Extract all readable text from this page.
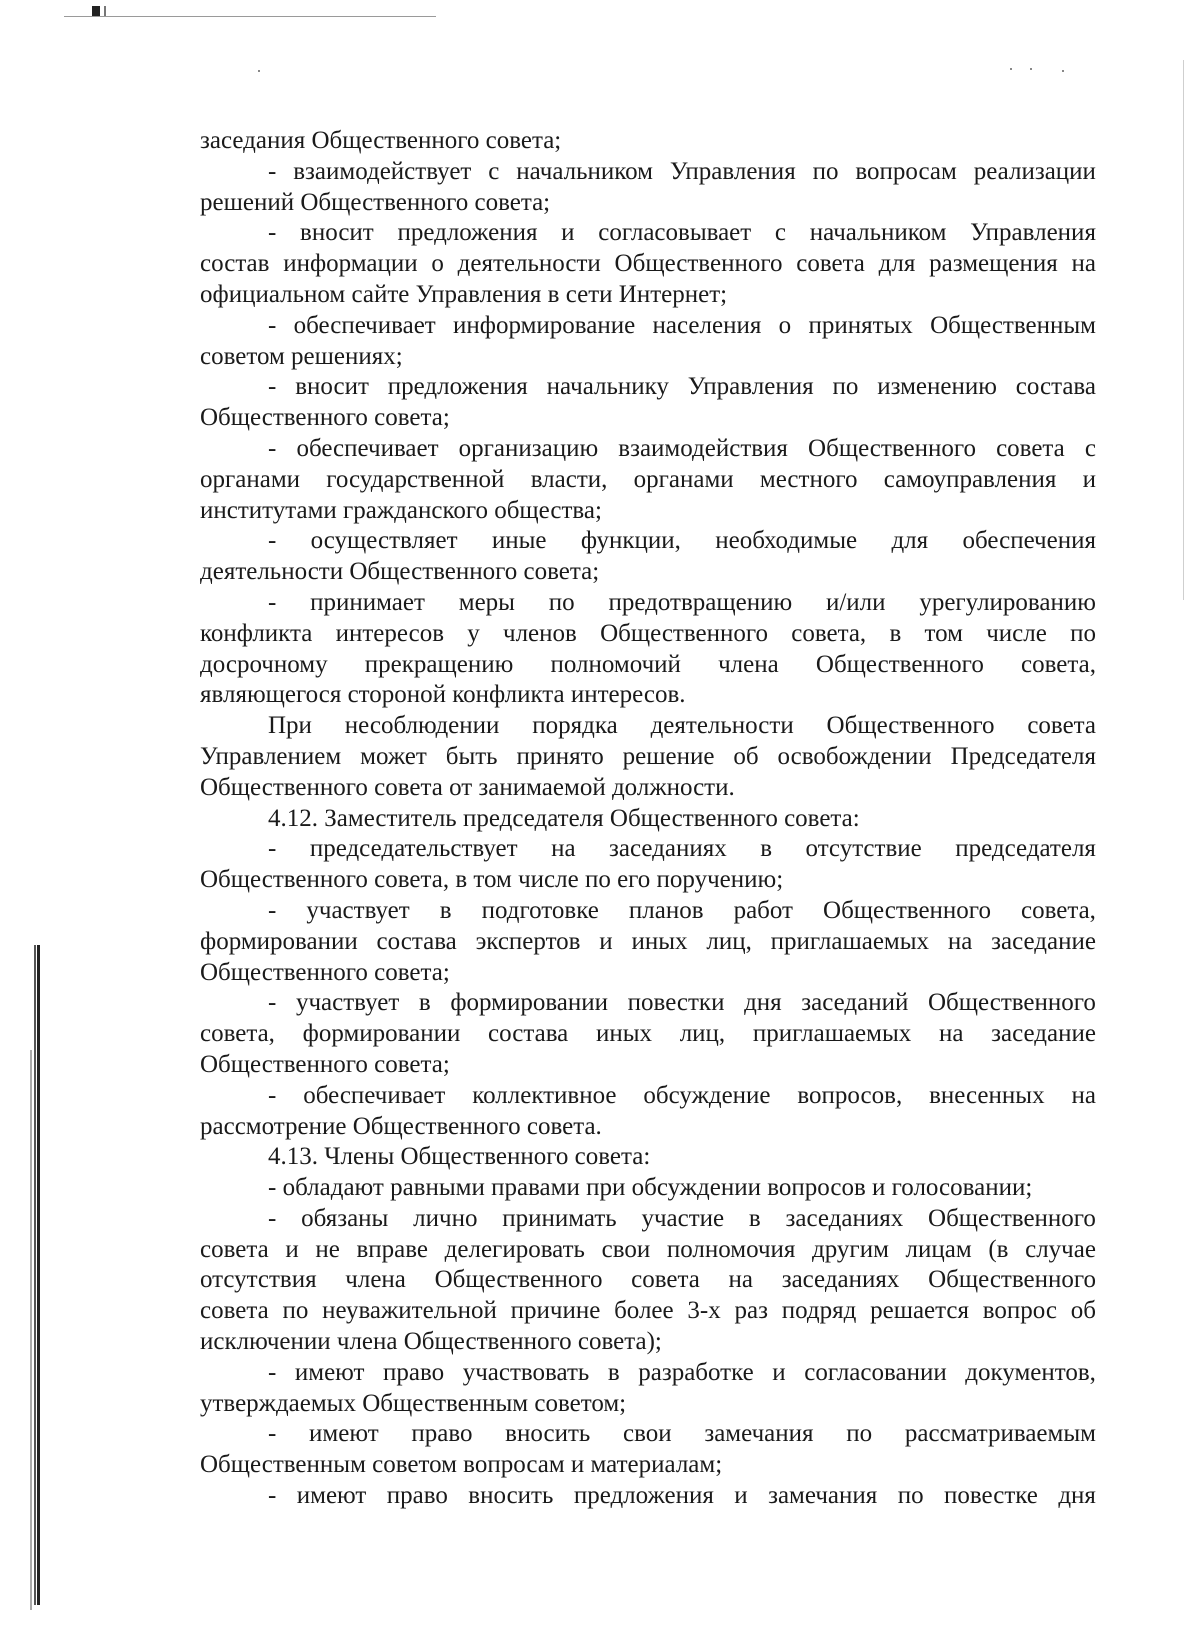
заседания Общественного совета;
- взаимодействует с начальником Управления по вопросам реализации
решений Общественного совета;
- вносит предложения и согласовывает с начальником Управления
состав информации о деятельности Общественного совета для размещения на
официальном сайте Управления в сети Интернет;
- обеспечивает информирование населения о принятых Общественным
советом решениях;
- вносит предложения начальнику Управления по изменению состава
Общественного совета;
- обеспечивает организацию взаимодействия Общественного совета с
органами государственной власти, органами местного самоуправления и
институтами гражданского общества;
- осуществляет иные функции, необходимые для обеспечения
деятельности Общественного совета;
- принимает меры по предотвращению и/или урегулированию
конфликта интересов у членов Общественного совета, в том числе по
досрочному прекращению полномочий члена Общественного совета,
являющегося стороной конфликта интересов.
При несоблюдении порядка деятельности Общественного совета
Управлением может быть принято решение об освобождении Председателя
Общественного совета от занимаемой должности.
4.12. Заместитель председателя Общественного совета:
- председательствует на заседаниях в отсутствие председателя
Общественного совета, в том числе по его поручению;
- участвует в подготовке планов работ Общественного совета,
формировании состава экспертов и иных лиц, приглашаемых на заседание
Общественного совета;
- участвует в формировании повестки дня заседаний Общественного
совета, формировании состава иных лиц, приглашаемых на заседание
Общественного совета;
- обеспечивает коллективное обсуждение вопросов, внесенных на
рассмотрение Общественного совета.
4.13. Члены Общественного совета:
- обладают равными правами при обсуждении вопросов и голосовании;
- обязаны лично принимать участие в заседаниях Общественного
совета и не вправе делегировать свои полномочия другим лицам (в случае
отсутствия члена Общественного совета на заседаниях Общественного
совета по неуважительной причине более 3-х раз подряд решается вопрос об
исключении члена Общественного совета);
- имеют право участвовать в разработке и согласовании документов,
утверждаемых Общественным советом;
- имеют право вносить свои замечания по рассматриваемым
Общественным советом вопросам и материалам;
- имеют право вносить предложения и замечания по повестке дня
